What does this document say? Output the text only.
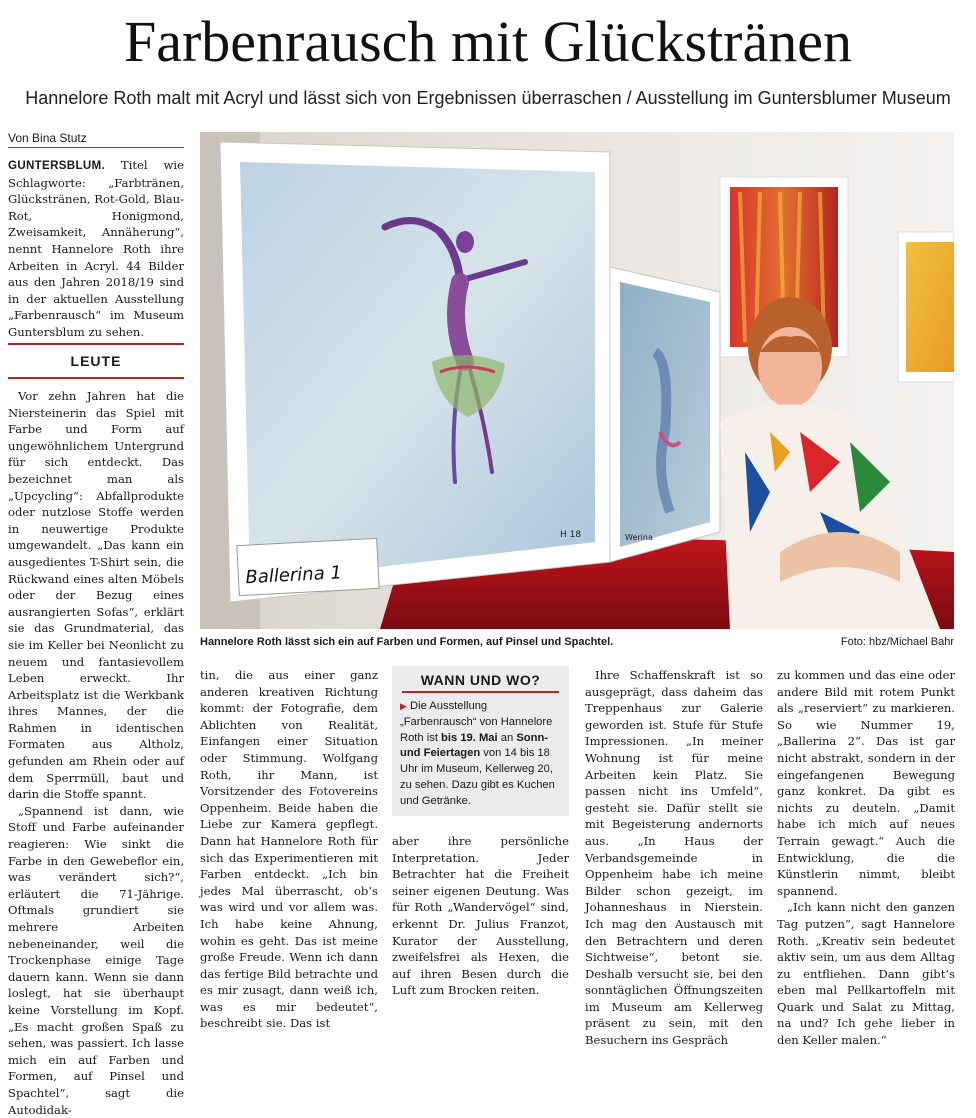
Farbenrausch mit Glückstränen
Hannelore Roth malt mit Acryl und lässt sich von Ergebnissen überraschen / Ausstellung im Guntersblumer Museum
Von Bina Stutz

GUNTERSBLUM. Titel wie Schlagworte: „Farbtränen, Glückstränen, Rot-Gold, Blau-Rot, Honigmond, Zweisamkeit, Annäherung“, nennt Hannelore Roth ihre Arbeiten in Acryl. 44 Bilder aus den Jahren 2018/19 sind in der aktuellen Ausstellung „Farbenrausch“ im Museum Guntersblum zu sehen.

LEUTE

Vor zehn Jahren hat die Niersteinerin das Spiel mit Farbe und Form auf ungewöhnlichem Untergrund für sich entdeckt. Das bezeichnet man als „Upcycling“: Abfallprodukte oder nutzlose Stoffe werden in neuwertige Produkte umgewandelt. „Das kann ein ausgedientes T-Shirt sein, die Rückwand eines alten Möbels oder der Bezug eines ausrangierten Sofas“, erklärt sie das Grundmaterial, das sie im Keller bei Neonlicht zu neuem und fantasievollem Leben erweckt. Ihr Arbeitsplatz ist die Werkbank ihres Mannes, der die Rahmen in identischen Formaten aus Altholz, gefunden am Rhein oder auf dem Sperrmüll, baut und darin die Stoffe spannt.

„Spannend ist dann, wie Stoff und Farbe aufeinander reagieren: Wie sinkt die Farbe in den Gewebeflor ein, was verändert sich?“, erläutert die 71-Jährige. Oftmals grundiert sie mehrere Arbeiten nebeneinander, weil die Trockenphase einige Tage dauern kann. Wenn sie dann loslegt, hat sie überhaupt keine Vorstellung im Kopf. „Es macht großen Spaß zu sehen, was passiert. Ich lasse mich ein auf Farben und Formen, auf Pinsel und Spachtel“, sagt die Autodidak-

Ballerina 1
H 18	Werina
Hannelore Roth lässt sich ein auf Farben und Formen, auf Pinsel und Spachtel.	Foto: hbz/Michael Bahr

tin, die aus einer ganz anderen kreativen Richtung kommt: der Fotografie, dem Ablichten von Realität, Einfangen einer Situation oder Stimmung. Wolfgang Roth, ihr Mann, ist Vorsitzender des Fotovereins Oppenheim. Beide haben die Liebe zur Kamera gepflegt. Dann hat Hannelore Roth für sich das Experimentieren mit Farben entdeckt. „Ich bin jedes Mal überrascht, ob‘s was wird und vor allem was. Ich habe keine Ahnung, wohin es geht. Das ist meine große Freude. Wenn ich dann das fertige Bild betrachte und es mir zusagt, dann weiß ich, was es mir bedeutet“, beschreibt sie. Das ist

WANN UND WO?
▶ Die Ausstellung „Farbenrausch“ von Hannelore Roth ist bis 19. Mai an Sonn- und Feiertagen von 14 bis 18 Uhr im Museum, Kellerweg 20, zu sehen. Dazu gibt es Kuchen und Getränke.

aber ihre persönliche Interpretation. Jeder Betrachter hat die Freiheit seiner eigenen Deutung. Was für Roth „Wandervögel“ sind, erkennt Dr. Julius Franzot, Kurator der Ausstellung, zweifelsfrei als Hexen, die auf ihren Besen durch die Luft zum Brocken reiten.

Ihre Schaffenskraft ist so ausgeprägt, dass daheim das Treppenhaus zur Galerie geworden ist. Stufe für Stufe Impressionen. „In meiner Wohnung ist für meine Arbeiten kein Platz. Sie passen nicht ins Umfeld“, gesteht sie. Dafür stellt sie mit Begeisterung andernorts aus. „In Haus der Verbandsgemeinde in Oppenheim habe ich meine Bilder schon gezeigt, im Johanneshaus in Nierstein. Ich mag den Austausch mit den Betrachtern und deren Sichtweise“, betont sie. Deshalb versucht sie, bei den sonntäglichen Öffnungszeiten im Museum am Kellerweg präsent zu sein, mit den Besuchern ins Gespräch

zu kommen und das eine oder andere Bild mit rotem Punkt als „reserviert“ zu markieren. So wie Nummer 19, „Ballerina 2“. Das ist gar nicht abstrakt, sondern in der eingefangenen Bewegung ganz konkret. Da gibt es nichts zu deuteln. „Damit habe ich mich auf neues Terrain gewagt.“ Auch die Entwicklung, die die Künstlerin nimmt, bleibt spannend.

„Ich kann nicht den ganzen Tag putzen“, sagt Hannelore Roth. „Kreativ sein bedeutet aktiv sein, um aus dem Alltag zu entfliehen. Dann gibt‘s eben mal Pellkartoffeln mit Quark und Salat zu Mittag, na und? Ich gehe lieber in den Keller malen.“
